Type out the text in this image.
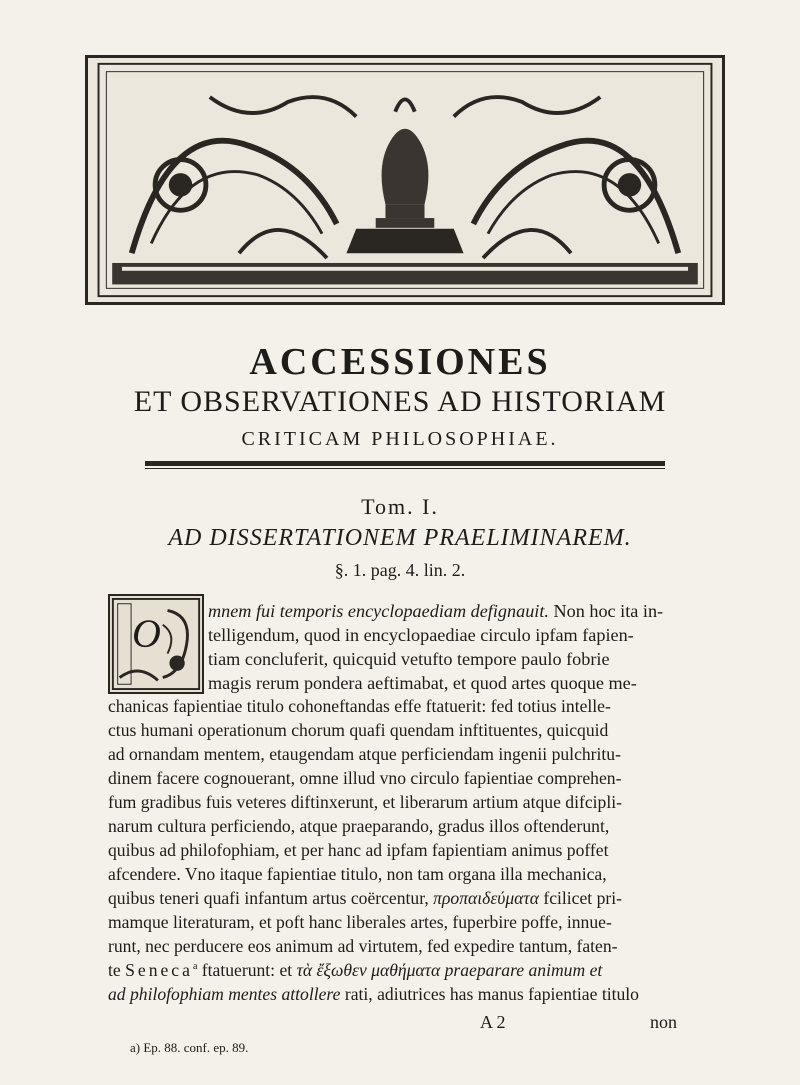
ACCESSIONES
ET OBSERVATIONES AD HISTORIAM
CRITICAM PHILOSOPHIAE.
Tom. I.
AD DISSERTATIONEM PRAELIMINAREM.
§. 1. pag. 4. lin. 2.
O	mnem fui temporis encyclopaediam defignauit. Non hoc ita in-
telligendum, quod in encyclopaediae circulo ipfam fapien-
tiam concluferit, quicquid vetufto tempore paulo fobrie
magis rerum pondera aeftimabat, et quod artes quoque me-
chanicas fapientiae titulo cohoneftandas effe ftatuerit: fed totius intelle-
ctus humani operationum chorum quafi quendam inftituentes, quicquid
ad ornandam mentem, etaugendam atque perficiendam ingenii pulchritu-
dinem facere cognouerant, omne illud vno circulo fapientiae comprehen-
fum gradibus fuis veteres diftinxerunt, et liberarum artium atque difcipli-
narum cultura perficiendo, atque praeparando, gradus illos oftenderunt,
quibus ad philofophiam, et per hanc ad ipfam fapientiam animus poffet
afcendere. Vno itaque fapientiae titulo, non tam organa illa mechanica,
quibus teneri quafi infantum artus coërcentur, προπαιδεύματα fcilicet pri-
mamque literaturam, et poft hanc liberales artes, fuperbire poffe, innue-
runt, nec perducere eos animum ad virtutem, fed expedire tantum, faten-
te Seneca$^a$ ftatuerunt: et τὰ ἔξωθεν μαθήματα praeparare animum et
ad philofophiam mentes attollere rati, adiutrices has manus fapientiae titulo
A 2	non
a) Ep. 88. conf. ep. 89.
